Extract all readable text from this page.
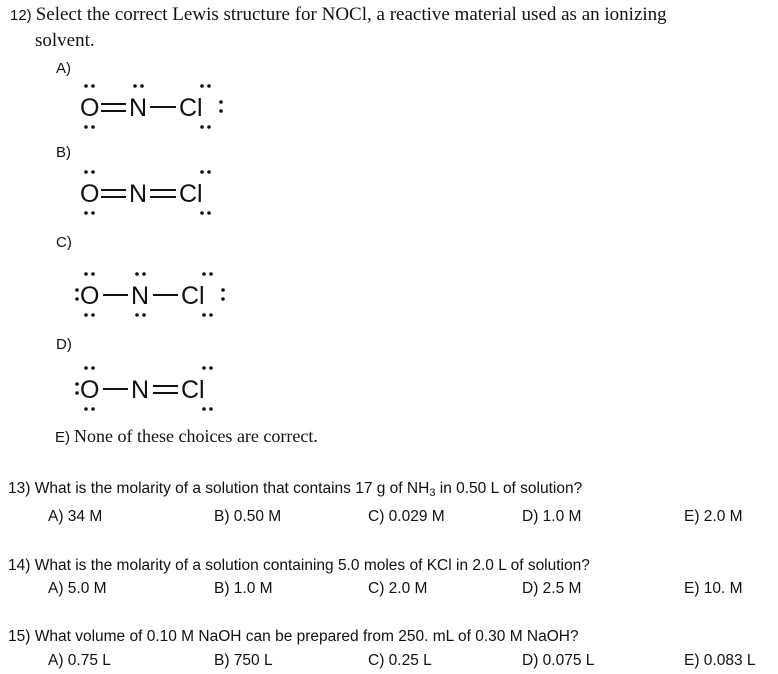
12) Select the correct Lewis structure for NOCl, a reactive material used as an ionizing
solvent.
A)
O N Cl
B)
O N Cl
C)
O N Cl
D)
O N Cl
E) None of these choices are correct.
13) What is the molarity of a solution that contains 17 g of $NH_3$ in 0.50 L of solution?
A) 34 M	B) 0.50 M	C) 0.029 M	D) 1.0 M	E) 2.0 M
14) What is the molarity of a solution containing 5.0 moles of KCl in 2.0 L of solution?
A) 5.0 M	B) 1.0 M	C) 2.0 M	D) 2.5 M	E) 10. M
15) What volume of 0.10 M NaOH can be prepared from 250. mL of 0.30 M NaOH?
A) 0.75 L	B) 750 L	C) 0.25 L	D) 0.075 L	E) 0.083 L
